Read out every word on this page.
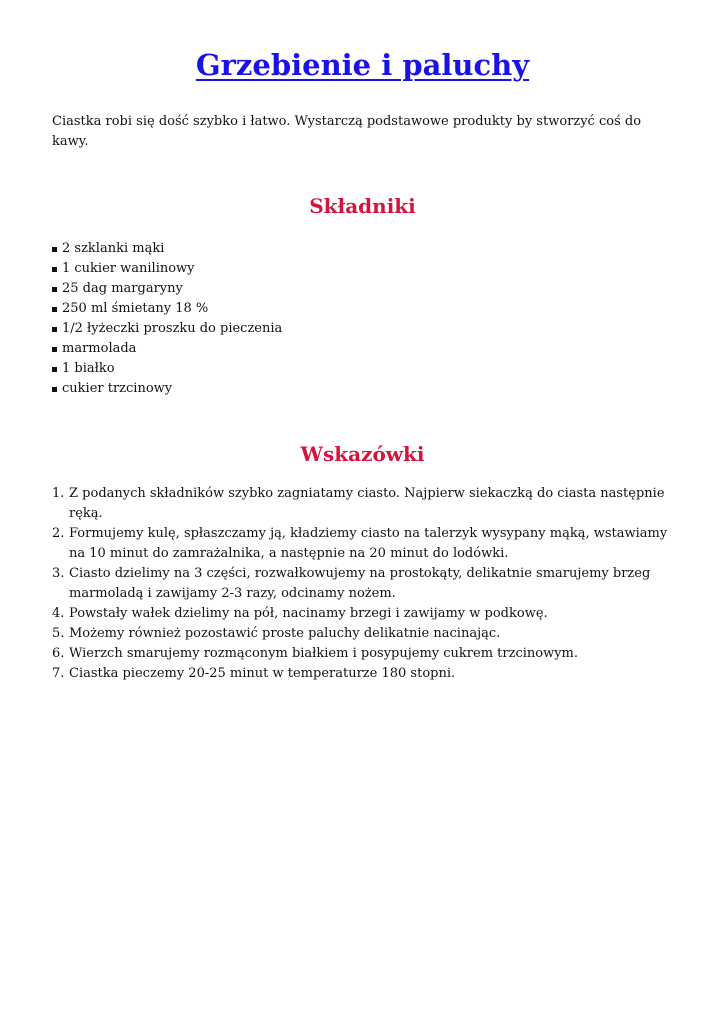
Grzebienie i paluchy

Ciastka robi się dość szybko i łatwo. Wystarczą podstawowe produkty by stworzyć coś do kawy.

Składniki
2 szklanki mąki
1 cukier wanilinowy
25 dag margaryny
250 ml śmietany 18 %
1/2 łyżeczki proszku do pieczenia
marmolada
1 białko
cukier trzcinowy
Wskazówki
1. Z podanych składników szybko zagniatamy ciasto. Najpierw siekaczką do ciasta następnie ręką.
2. Formujemy kulę, spłaszczamy ją, kładziemy ciasto na talerzyk wysypany mąką, wstawiamy na 10 minut do zamrażalnika, a następnie na 20 minut do lodówki.
3. Ciasto dzielimy na 3 części, rozwałkowujemy na prostokąty, delikatnie smarujemy brzeg marmoladą i zawijamy 2-3 razy, odcinamy nożem.
4. Powstały wałek dzielimy na pół, nacinamy brzegi i zawijamy w podkowę.
5. Możemy również pozostawić proste paluchy delikatnie nacinając.
6. Wierzch smarujemy rozmąconym białkiem i posypujemy cukrem trzcinowym.
7. Ciastka pieczemy 20-25 minut w temperaturze 180 stopni.
